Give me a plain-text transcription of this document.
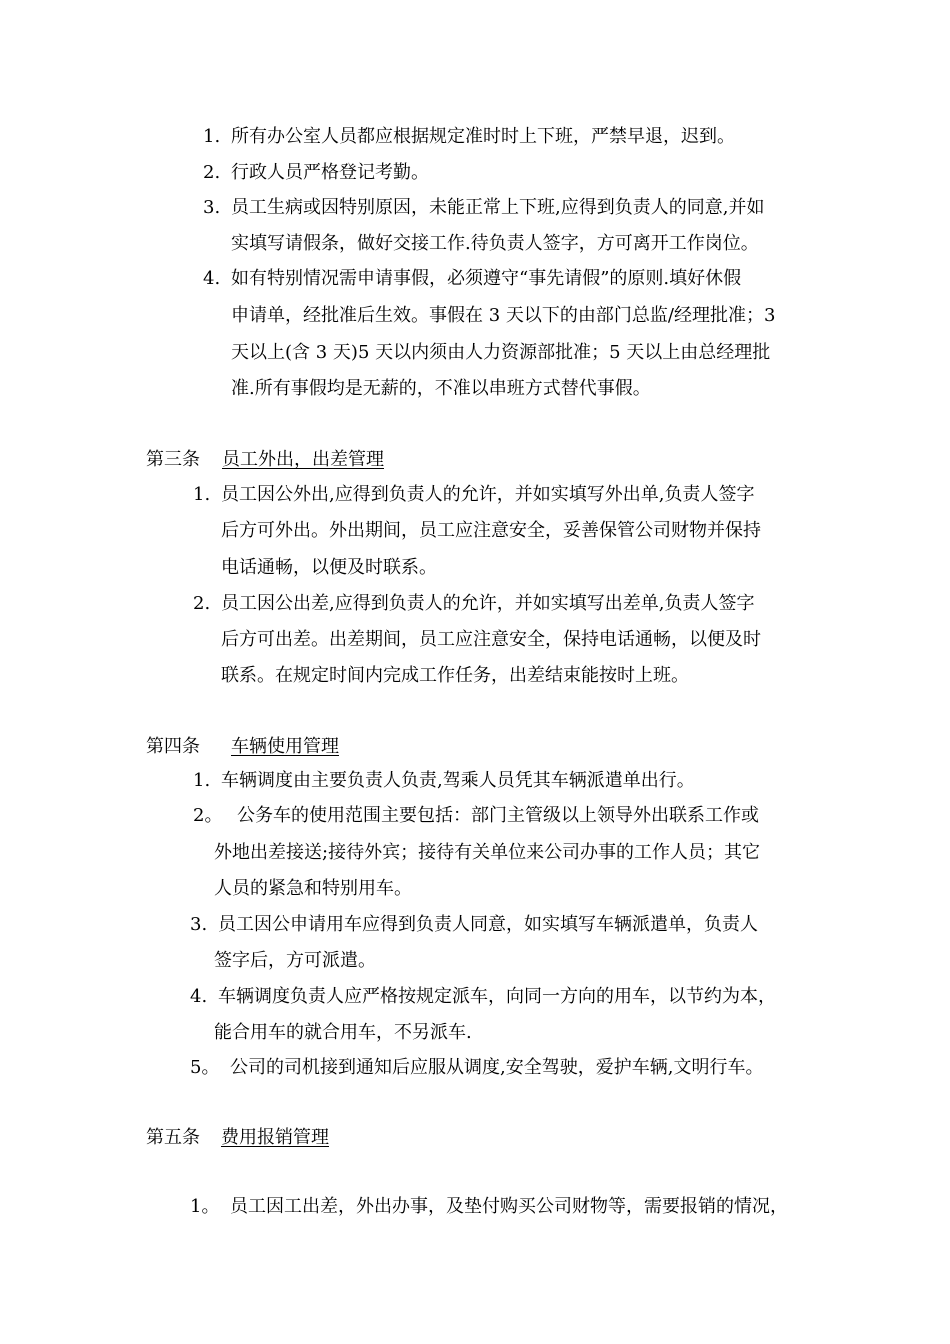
1. 所有办公室人员都应根据规定准时时上下班，严禁早退，迟到。
2. 行政人员严格登记考勤。
3. 员工生病或因特别原因，未能正常上下班,应得到负责人的同意,并如
实填写请假条，做好交接工作.待负责人签字，方可离开工作岗位。
4. 如有特别情况需申请事假，必须遵守“事先请假”的原则.填好休假
申请单，经批准后生效。事假在 3 天以下的由部门总监/经理批准；3
天以上(含 3 天)5 天以内须由人力资源部批准；5 天以上由总经理批
准.所有事假均是无薪的，不准以串班方式替代事假。
第三条 员工外出，出差管理
1. 员工因公外出,应得到负责人的允许，并如实填写外出单,负责人签字
后方可外出。外出期间，员工应注意安全，妥善保管公司财物并保持
电话通畅，以便及时联系。
2. 员工因公出差,应得到负责人的允许，并如实填写出差单,负责人签字
后方可出差。出差期间，员工应注意安全，保持电话通畅，以便及时
联系。在规定时间内完成工作任务，出差结束能按时上班。
第四条 车辆使用管理
1. 车辆调度由主要负责人负责,驾乘人员凭其车辆派遣单出行。
2。 公务车的使用范围主要包括：部门主管级以上领导外出联系工作或
外地出差接送;接待外宾；接待有关单位来公司办事的工作人员；其它
人员的紧急和特别用车。
3. 员工因公申请用车应得到负责人同意，如实填写车辆派遣单，负责人
签字后，方可派遣。
4. 车辆调度负责人应严格按规定派车，向同一方向的用车，以节约为本，
能合用车的就合用车，不另派车.
5。 公司的司机接到通知后应服从调度,安全驾驶，爱护车辆,文明行车。
第五条 费用报销管理
1。 员工因工出差，外出办事，及垫付购买公司财物等，需要报销的情况，
